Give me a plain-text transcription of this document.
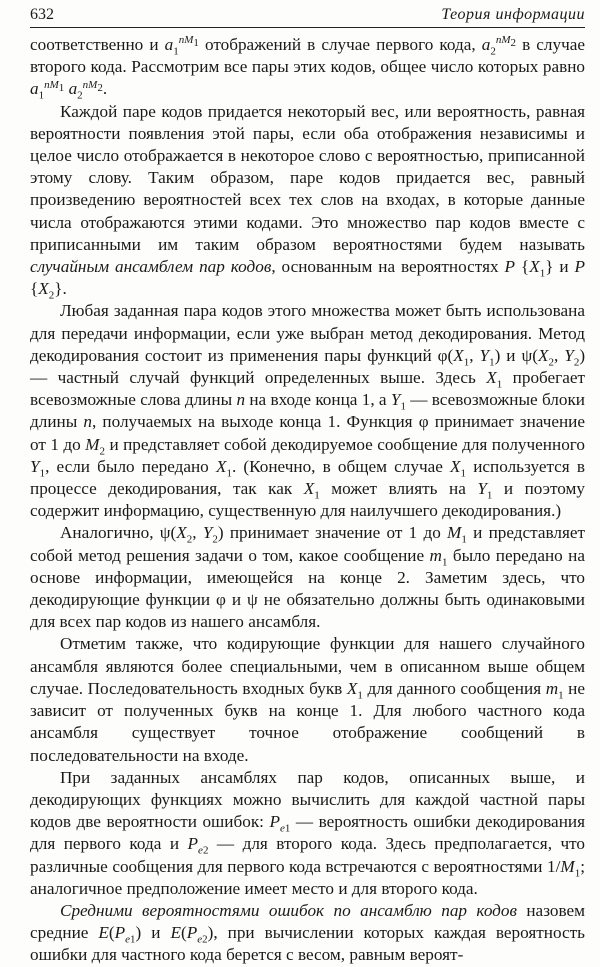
632	Теория информации

соответственно и $a_1^{nM_1}$ отображений в случае первого кода, $a_2^{nM_2}$ в случае второго кода. Рассмотрим все пары этих кодов, общее число которых равно $a_1^{nM_1}$ $a_2^{nM_2}$.

Каждой паре кодов придается некоторый вес, или вероятность, равная вероятности появления этой пары, если оба отображения независимы и целое число отображается в некоторое слово с вероятностью, приписанной этому слову. Таким образом, паре кодов придается вес, равный произведению вероятностей всех тех слов на входах, в которые данные числа отображаются этими кодами. Это множество пар кодов вместе с приписанными им таким образом вероятностями будем называть случайным ансамблем пар кодов, основанным на вероятностях P $\{X_1\}$ и P $\{X_2\}$.

Любая заданная пара кодов этого множества может быть использована для передачи информации, если уже выбран метод декодирования. Метод декодирования состоит из применения пары функций $\varphi(X_1$, $Y_1$) и $\psi(X_2$, $Y_2$) — частный случай функций определенных выше. Здесь $X_1$ пробегает всевозможные слова длины n на входе конца 1, а $Y_1$ — всевозможные блоки длины n, получаемых на выходе конца 1. Функция φ принимает значение от 1 до $M_2$ и представляет собой декодируемое сообщение для полученного $Y_1$, если было передано $X_1$. (Конечно, в общем случае $X_1$ используется в процессе декодирования, так как $X_1$ может влиять на $Y_1$ и поэтому содержит информацию, существенную для наилучшего декодирования.)

Аналогично, $\psi(X_2$, $Y_2$) принимает значение от 1 до $M_1$ и представляет собой метод решения задачи о том, какое сообщение $m_1$ было передано на основе информации, имеющейся на конце 2. Заметим здесь, что декодирующие функции φ и ψ не обязательно должны быть одинаковыми для всех пар кодов из нашего ансамбля.

Отметим также, что кодирующие функции для нашего случайного ансамбля являются более специальными, чем в описанном выше общем случае. Последовательность входных букв $X_1$ для данного сообщения $m_1$ не зависит от полученных букв на конце 1. Для любого частного кода ансамбля существует точное отображение сообщений в последовательности на входе.

При заданных ансамблях пар кодов, описанных выше, и декодирующих функциях можно вычислить для каждой частной пары кодов две вероятности ошибок: $P_{e1}$ — вероятность ошибки декодирования для первого кода и $P_{e2}$ — для второго кода. Здесь предполагается, что различные сообщения для первого кода встречаются с вероятностями $1/M_1$; аналогичное предположение имеет место и для второго кода.

Средними вероятностями ошибок по ансамблю пар кодов назовем средние $E(P_{e1})$ и $E(P_{e2})$, при вычислении которых каждая вероятность ошибки для частного кода берется с весом, равным вероят-
